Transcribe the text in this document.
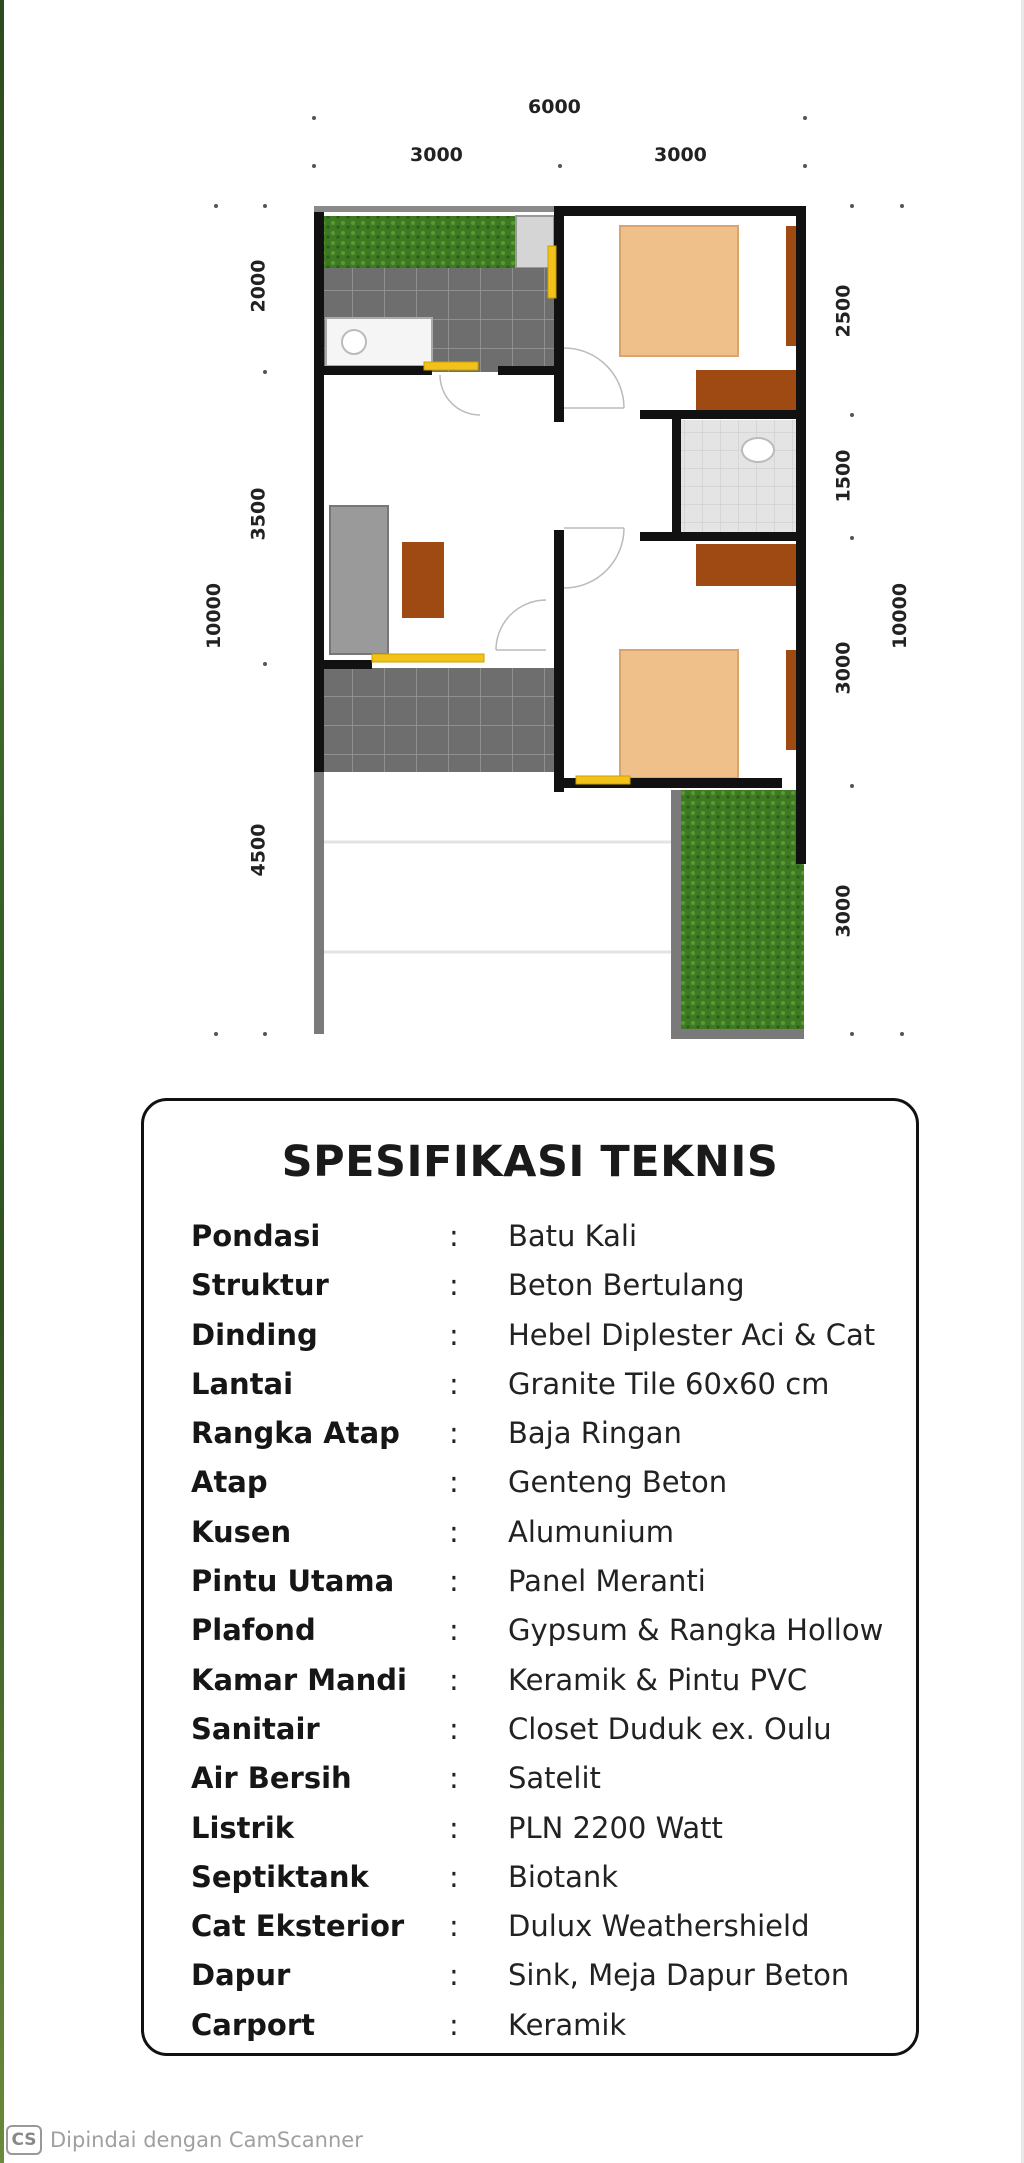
6000
3000	3000
2000
3500
10000
4500
2500
1500
10000
3000
3000
SPESIFIKASI TEKNIS
Pondasi	: Batu Kali
Struktur	: Beton Bertulang
Dinding	: Hebel Diplester Aci & Cat
Lantai	: Granite Tile 60x60 cm
Rangka Atap : Baja Ringan
Atap	: Genteng Beton
Kusen	: Alumunium
Pintu Utama : Panel Meranti
Plafond	: Gypsum & Rangka Hollow
Kamar Mandi : Keramik & Pintu PVC
Sanitair	: Closet Duduk ex. Oulu
Air Bersih	: Satelit
Listrik	: PLN 2200 Watt
Septiktank	: Biotank
Cat Eksterior : Dulux Weathershield
Dapur	: Sink, Meja Dapur Beton
Carport	: Keramik
CS Dipindai dengan CamScanner
